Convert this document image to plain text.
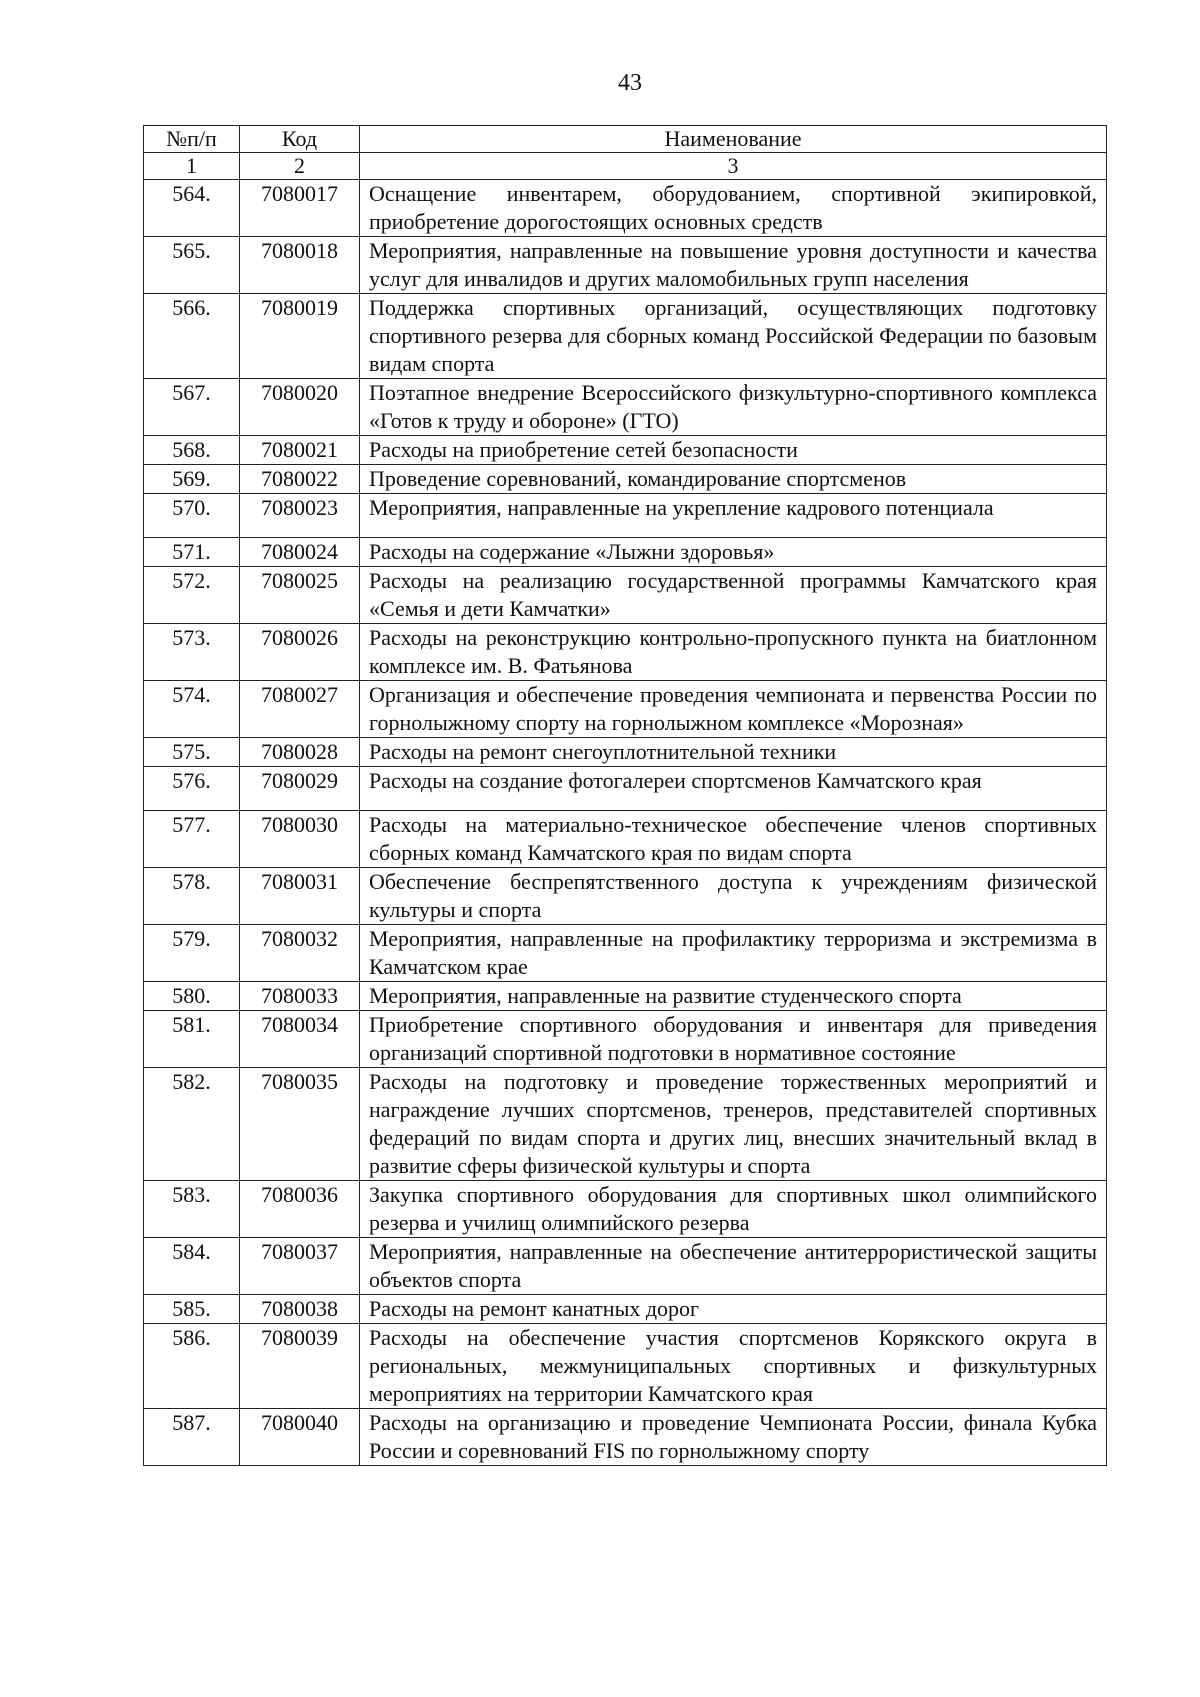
43
№п/п	Код	Наименование
1	2	3
564.	7080017	Оснащение инвентарем, оборудованием, спортивной экипировкой, приобретение дорогостоящих основных средств
565.	7080018	Мероприятия, направленные на повышение уровня доступности и качества услуг для инвалидов и других маломобильных групп населения
566.	7080019	Поддержка спортивных организаций, осуществляющих подготовку спортивного резерва для сборных команд Российской Федерации по базовым видам спорта
567.	7080020	Поэтапное внедрение Всероссийского физкультурно-спортивного комплекса «Готов к труду и обороне» (ГТО)
568.	7080021	Расходы на приобретение сетей безопасности
569.	7080022	Проведение соревнований, командирование спортсменов
570.	7080023	Мероприятия, направленные на укрепление кадрового потенциала
571.	7080024	Расходы на содержание «Лыжни здоровья»
572.	7080025	Расходы на реализацию государственной программы Камчатского края «Семья и дети Камчатки»
573.	7080026	Расходы на реконструкцию контрольно-пропускного пункта на биатлонном комплексе им. В. Фатьянова
574.	7080027	Организация и обеспечение проведения чемпионата и первенства России по горнолыжному спорту на горнолыжном комплексе «Морозная»
575.	7080028	Расходы на ремонт снегоуплотнительной техники
576.	7080029	Расходы на создание фотогалереи спортсменов Камчатского края
577.	7080030	Расходы на материально-техническое обеспечение членов спортивных сборных команд Камчатского края по видам спорта
578.	7080031	Обеспечение беспрепятственного доступа к учреждениям физической культуры и спорта
579.	7080032	Мероприятия, направленные на профилактику терроризма и экстремизма в Камчатском крае
580.	7080033	Мероприятия, направленные на развитие студенческого спорта
581.	7080034	Приобретение спортивного оборудования и инвентаря для приведения организаций спортивной подготовки в нормативное состояние
582.	7080035	Расходы на подготовку и проведение торжественных мероприятий и награждение лучших спортсменов, тренеров, представителей спортивных федераций по видам спорта и других лиц, внесших значительный вклад в развитие сферы физической культуры и спорта
583.	7080036	Закупка спортивного оборудования для спортивных школ олимпийского резерва и училищ олимпийского резерва
584.	7080037	Мероприятия, направленные на обеспечение антитеррористической защиты объектов спорта
585.	7080038	Расходы на ремонт канатных дорог
586.	7080039	Расходы на обеспечение участия спортсменов Корякского округа в региональных, межмуниципальных спортивных и физкультурных мероприятиях на территории Камчатского края
587.	7080040	Расходы на организацию и проведение Чемпионата России, финала Кубка России и соревнований FIS по горнолыжному спорту
